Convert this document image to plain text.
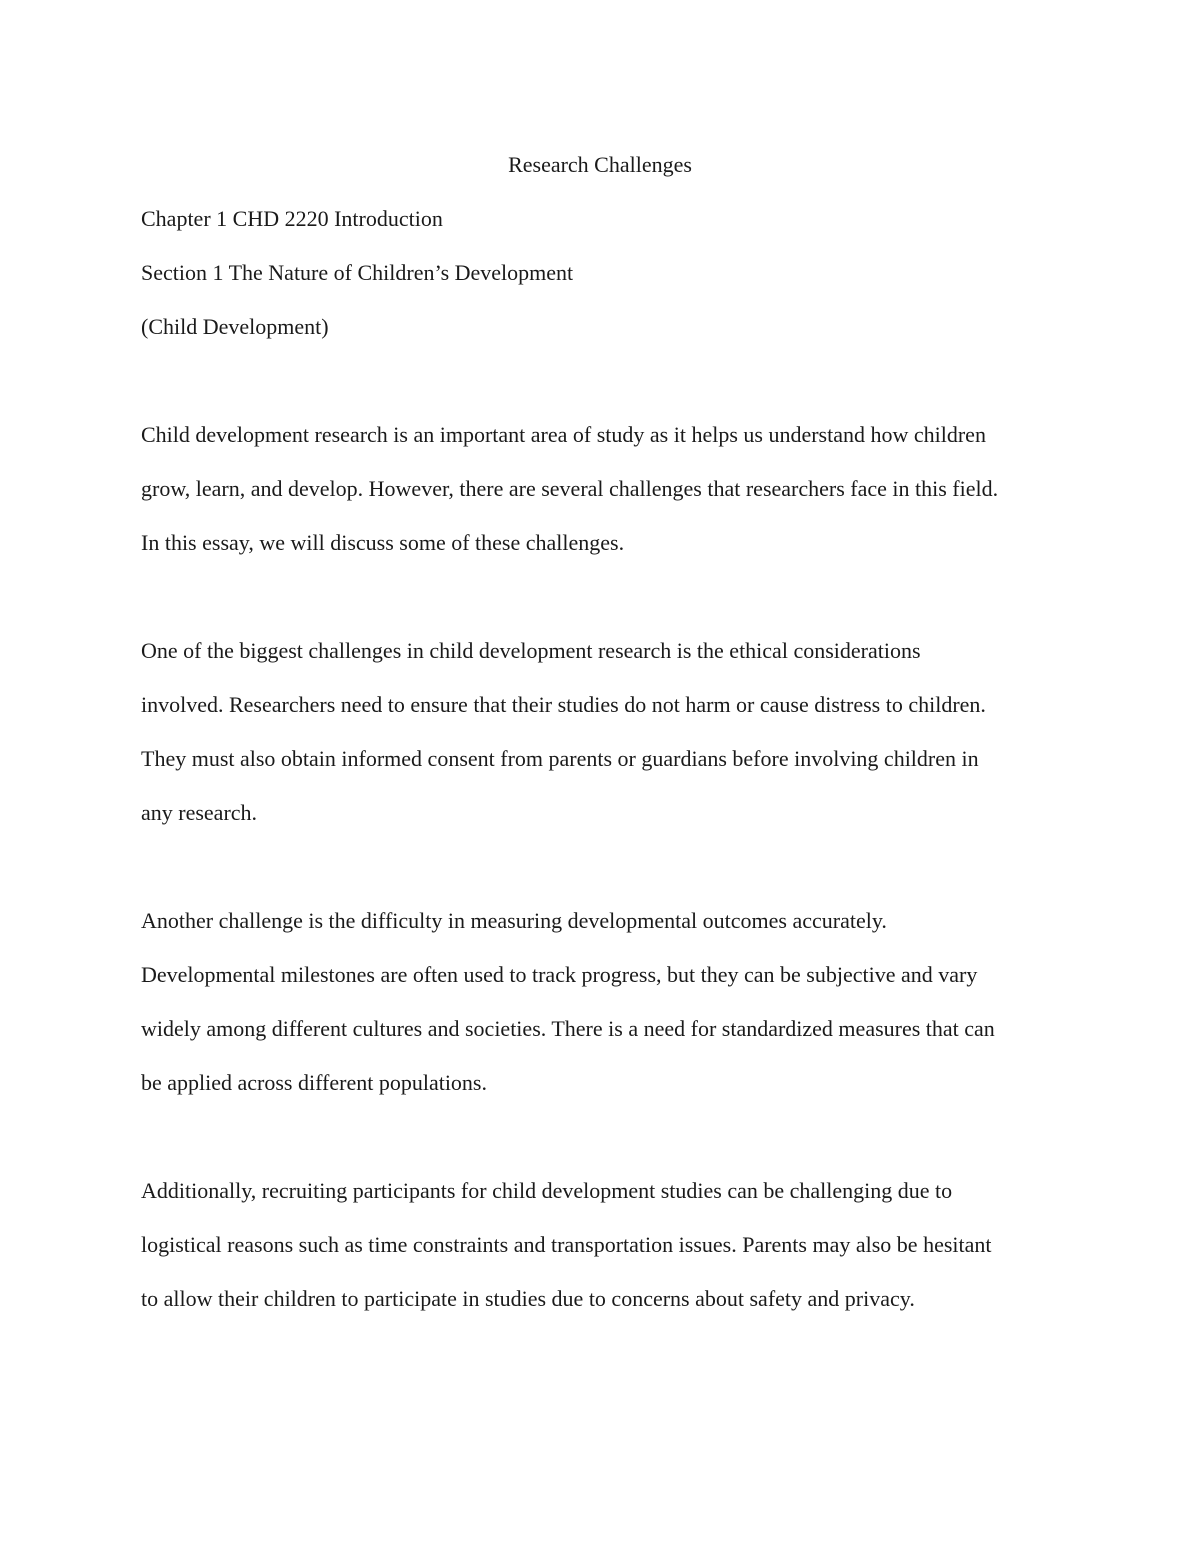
Research Challenges

Chapter 1 CHD 2220 Introduction

Section 1 The Nature of Children’s Development

(Child Development)

Child development research is an important area of study as it helps us understand how children

grow, learn, and develop. However, there are several challenges that researchers face in this field.

In this essay, we will discuss some of these challenges.

One of the biggest challenges in child development research is the ethical considerations

involved. Researchers need to ensure that their studies do not harm or cause distress to children.

They must also obtain informed consent from parents or guardians before involving children in

any research.

Another challenge is the difficulty in measuring developmental outcomes accurately.

Developmental milestones are often used to track progress, but they can be subjective and vary

widely among different cultures and societies. There is a need for standardized measures that can

be applied across different populations.

Additionally, recruiting participants for child development studies can be challenging due to

logistical reasons such as time constraints and transportation issues. Parents may also be hesitant

to allow their children to participate in studies due to concerns about safety and privacy.
